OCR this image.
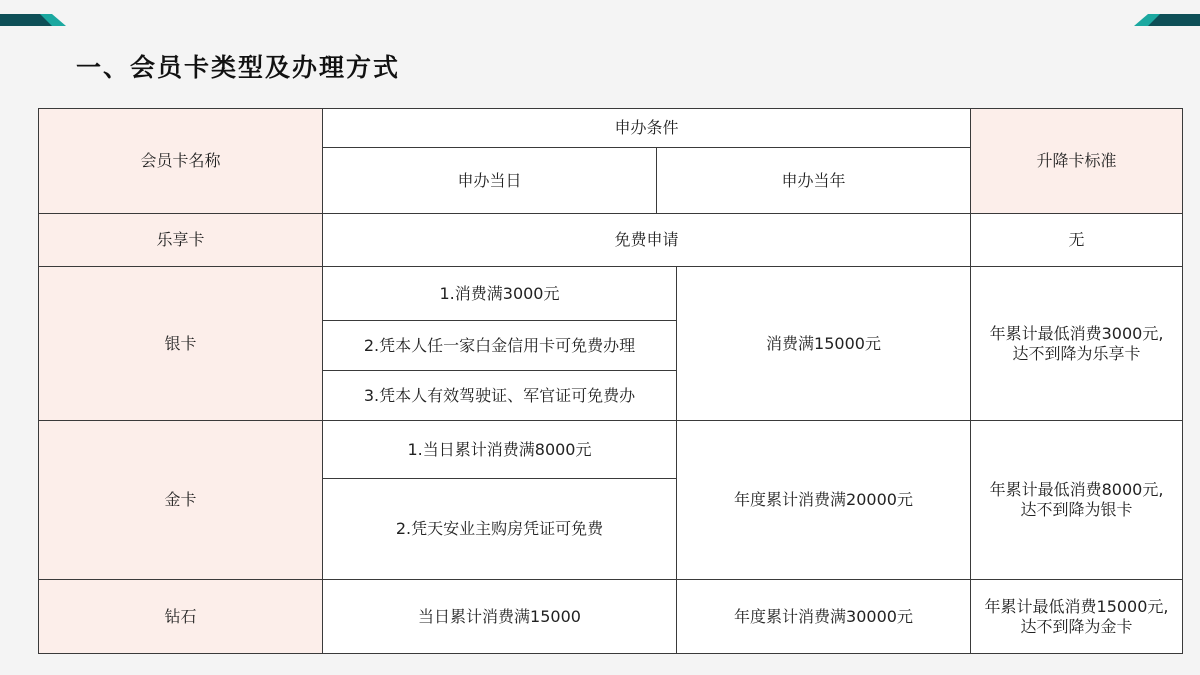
一、会员卡类型及办理方式
会员卡名称	申办条件			升降卡标准
	申办当日	申办当年		
乐享卡	免费申请			无
银卡	1.消费满3000元		消费满15000元	年累计最低消费3000元,
达不到降为乐享卡
	2.凭本人任一家白金信用卡可免费办理			
	3.凭本人有效驾驶证、军官证可免费办			
金卡	1.当日累计消费满8000元		年度累计消费满20000元	年累计最低消费8000元,
达不到降为银卡
	2.凭天安业主购房凭证可免费			
钻石	当日累计消费满15000		年度累计消费满30000元	年累计最低消费15000元,
达不到降为金卡
